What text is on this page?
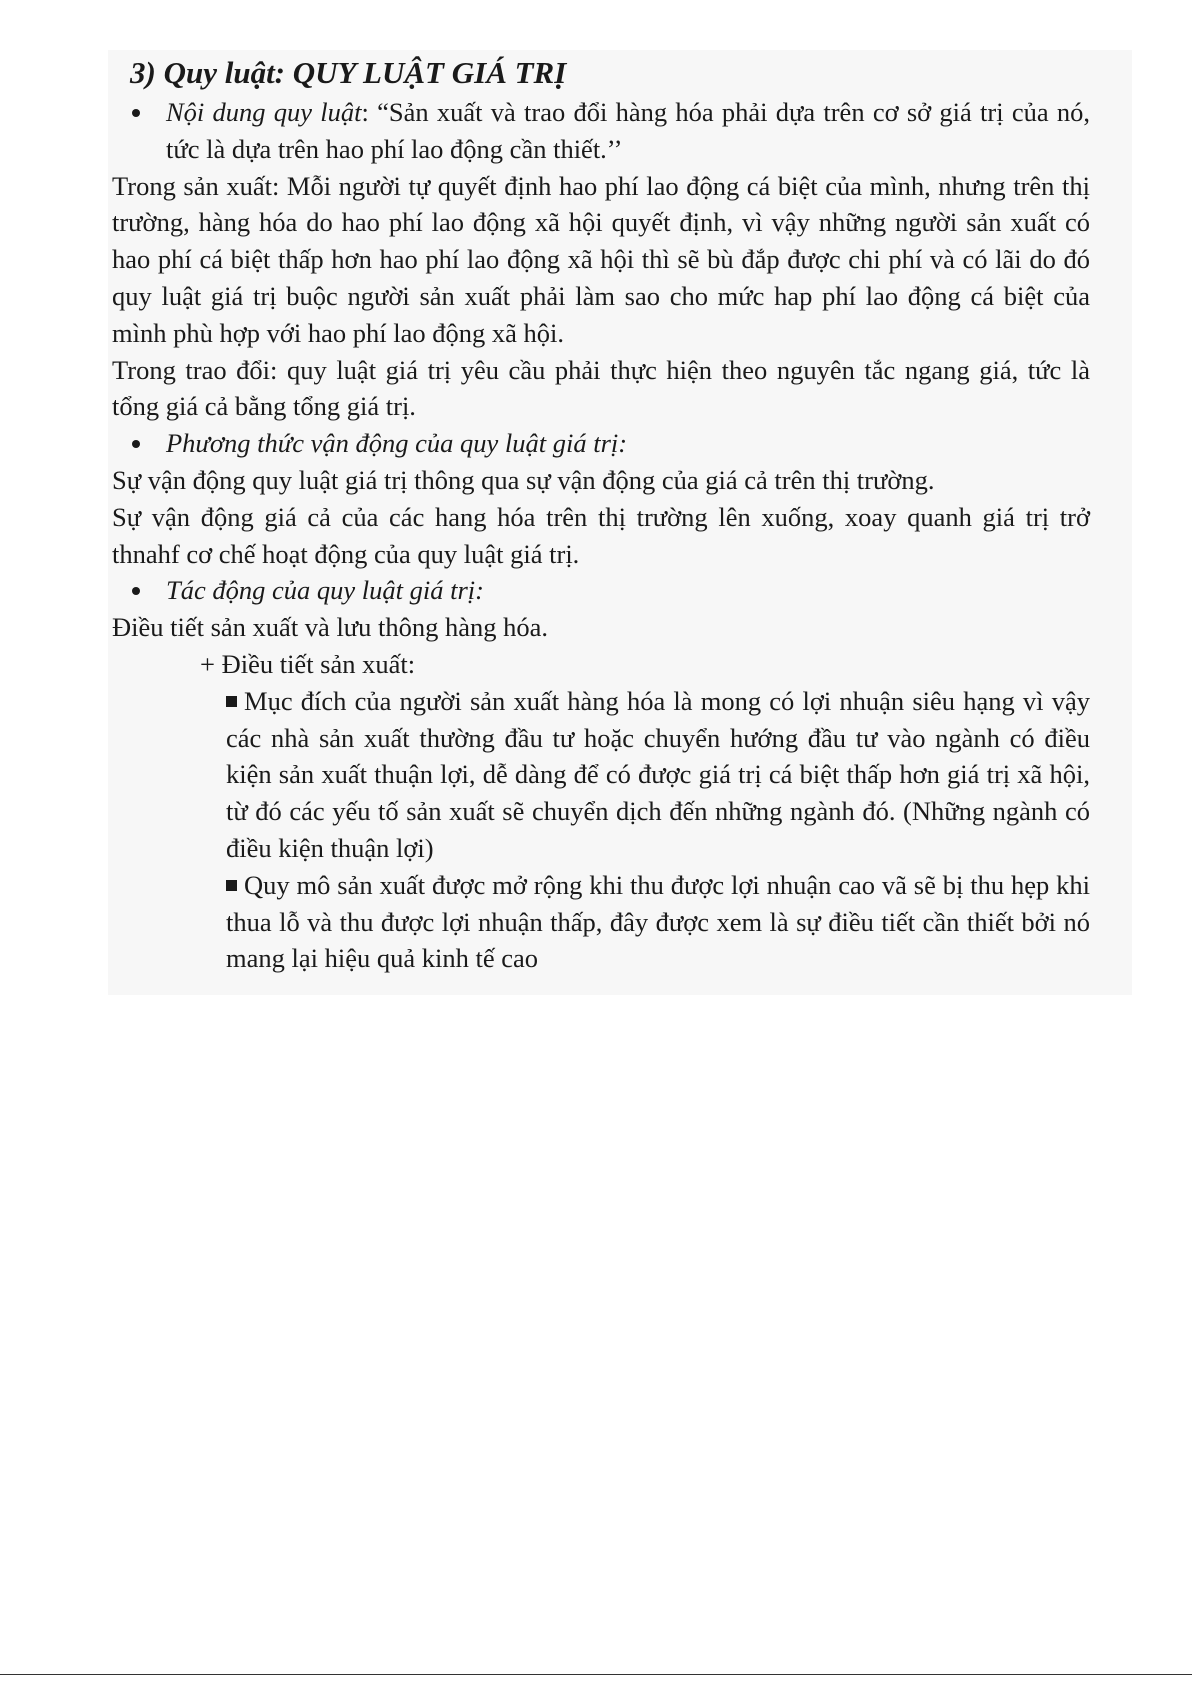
3) Quy luật: QUY LUẬT GIÁ TRỊ

Nội dung quy luật: “Sản xuất và trao đổi hàng hóa phải dựa trên cơ sở giá trị của nó, tức là dựa trên hao phí lao động cần thiết.’’

Trong sản xuất: Mỗi người tự quyết định hao phí lao động cá biệt của mình, nhưng trên thị trường, hàng hóa do hao phí lao động xã hội quyết định, vì vậy những người sản xuất có hao phí cá biệt thấp hơn hao phí lao động xã hội thì sẽ bù đắp được chi phí và có lãi do đó quy luật giá trị buộc người sản xuất phải làm sao cho mức hap phí lao động cá biệt của mình phù hợp với hao phí lao động xã hội.

Trong trao đổi: quy luật giá trị yêu cầu phải thực hiện theo nguyên tắc ngang giá, tức là tổng giá cả bằng tổng giá trị.

Phương thức vận động của quy luật giá trị:

Sự vận động quy luật giá trị thông qua sự vận động của giá cả trên thị trường.

Sự vận động giá cả của các hang hóa trên thị trường lên xuống, xoay quanh giá trị trở thnahf cơ chế hoạt động của quy luật giá trị.

Tác động của quy luật giá trị:

Điều tiết sản xuất và lưu thông hàng hóa.

+ Điều tiết sản xuất:

Mục đích của người sản xuất hàng hóa là mong có lợi nhuận siêu hạng vì vậy các nhà sản xuất thường đầu tư hoặc chuyển hướng đầu tư vào ngành có điều kiện sản xuất thuận lợi, dễ dàng để có được giá trị cá biệt thấp hơn giá trị xã hội, từ đó các yếu tố sản xuất sẽ chuyển dịch đến những ngành đó. (Những ngành có điều kiện thuận lợi)

Quy mô sản xuất được mở rộng khi thu được lợi nhuận cao vã sẽ bị thu hẹp khi thua lỗ và thu được lợi nhuận thấp, đây được xem là sự điều tiết cần thiết bởi nó mang lại hiệu quả kinh tế cao
